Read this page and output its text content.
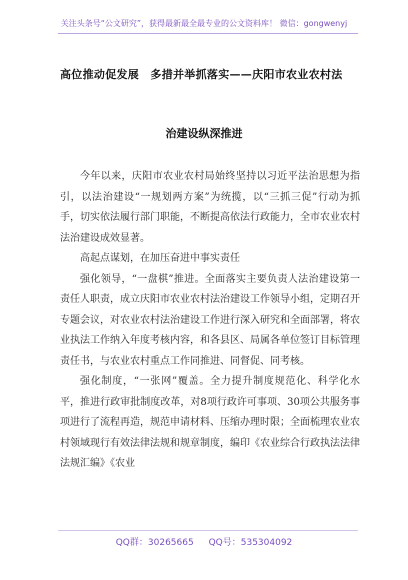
关注头条号“公文研究”，获得最新最全最专业的公文资料库！ 微信：gongwenyj
高位推动促发展　多措并举抓落实——庆阳市农业农村法
治建设纵深推进

今年以来，庆阳市农业农村局始终坚持以习近平法治思想为指引，以法治建设“一规划两方案”为统揽，以“三抓三促”行动为抓手，切实依法履行部门职能，不断提高依法行政能力，全市农业农村法治建设成效显著。

高起点谋划，在加压奋进中事实责任

强化领导，“一盘棋”推进。全面落实主要负责人法治建设第一责任人职责，成立庆阳市农业农村法治建设工作领导小组，定期召开专题会议，对农业农村法治建设工作进行深入研究和全面部署，将农业执法工作纳入年度考核内容，和各县区、局属各单位签订目标管理责任书，与农业农村重点工作同推进、同督促、同考核。

强化制度，“一张网”覆盖。全力提升制度规范化、科学化水平，推进行政审批制度改革，对8项行政许可事项、30项公共服务事项进行了流程再造，规范申请材料、压缩办理时限；全面梳理农业农村领域现行有效法律法规和规章制度，编印《农业综合行政执法法律法规汇编》《农业

QQ群：30265665 QQ号：535304092
